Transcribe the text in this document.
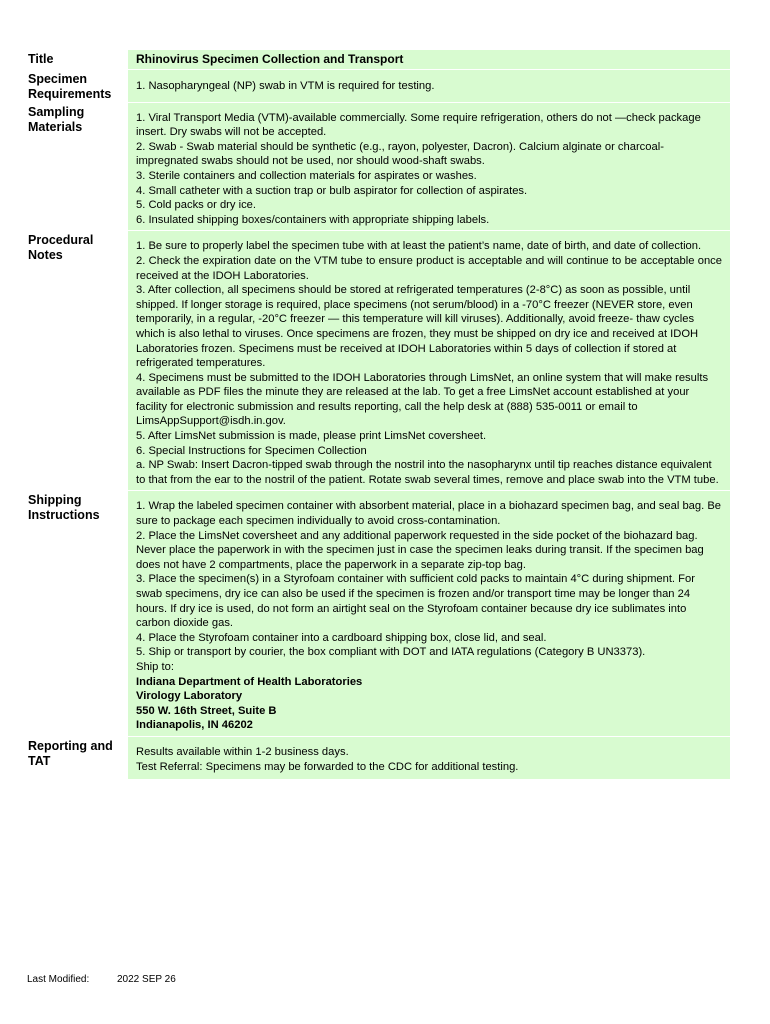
Title	Rhinovirus Specimen Collection and Transport
Specimen Requirements
1. Nasopharyngeal (NP) swab in VTM is required for testing.
Sampling Materials
1. Viral Transport Media (VTM)-available commercially. Some require refrigeration, others do not —check package insert. Dry swabs will not be accepted.
2. Swab - Swab material should be synthetic (e.g., rayon, polyester, Dacron). Calcium alginate or charcoal-impregnated swabs should not be used, nor should wood-shaft swabs.
3. Sterile containers and collection materials for aspirates or washes.
4. Small catheter with a suction trap or bulb aspirator for collection of aspirates.
5. Cold packs or dry ice.
6. Insulated shipping boxes/containers with appropriate shipping labels.
Procedural Notes
1. Be sure to properly label the specimen tube with at least the patient’s name, date of birth, and date of collection.
2. Check the expiration date on the VTM tube to ensure product is acceptable and will continue to be acceptable once received at the IDOH Laboratories.
3. After collection, all specimens should be stored at refrigerated temperatures (2-8°C) as soon as possible, until shipped. If longer storage is required, place specimens (not serum/blood) in a -70°C freezer (NEVER store, even temporarily, in a regular, -20°C freezer — this temperature will kill viruses). Additionally, avoid freeze- thaw cycles which is also lethal to viruses. Once specimens are frozen, they must be shipped on dry ice and received at IDOH Laboratories frozen. Specimens must be received at IDOH Laboratories within 5 days of collection if stored at refrigerated temperatures.
4. Specimens must be submitted to the IDOH Laboratories through LimsNet, an online system that will make results available as PDF files the minute they are released at the lab. To get a free LimsNet account established at your facility for electronic submission and results reporting, call the help desk at (888) 535-0011 or email to LimsAppSupport@isdh.in.gov.
5. After LimsNet submission is made, please print LimsNet coversheet.
6. Special Instructions for Specimen Collection
a. NP Swab: Insert Dacron-tipped swab through the nostril into the nasopharynx until tip reaches distance equivalent to that from the ear to the nostril of the patient. Rotate swab several times, remove and place swab into the VTM tube.
Shipping Instructions
1. Wrap the labeled specimen container with absorbent material, place in a biohazard specimen bag, and seal bag. Be sure to package each specimen individually to avoid cross-contamination.
2. Place the LimsNet coversheet and any additional paperwork requested in the side pocket of the biohazard bag. Never place the paperwork in with the specimen just in case the specimen leaks during transit. If the specimen bag does not have 2 compartments, place the paperwork in a separate zip-top bag.
3. Place the specimen(s) in a Styrofoam container with sufficient cold packs to maintain 4°C during shipment. For swab specimens, dry ice can also be used if the specimen is frozen and/or transport time may be longer than 24 hours. If dry ice is used, do not form an airtight seal on the Styrofoam container because dry ice sublimates into carbon dioxide gas.
4. Place the Styrofoam container into a cardboard shipping box, close lid, and seal.
5. Ship or transport by courier, the box compliant with DOT and IATA regulations (Category B UN3373).
Ship to:
Indiana Department of Health Laboratories
Virology Laboratory
550 W. 16th Street, Suite B
Indianapolis, IN 46202
Reporting and TAT
Results available within 1-2 business days.
Test Referral: Specimens may be forwarded to the CDC for additional testing.
Last Modified:	2022 SEP 26
